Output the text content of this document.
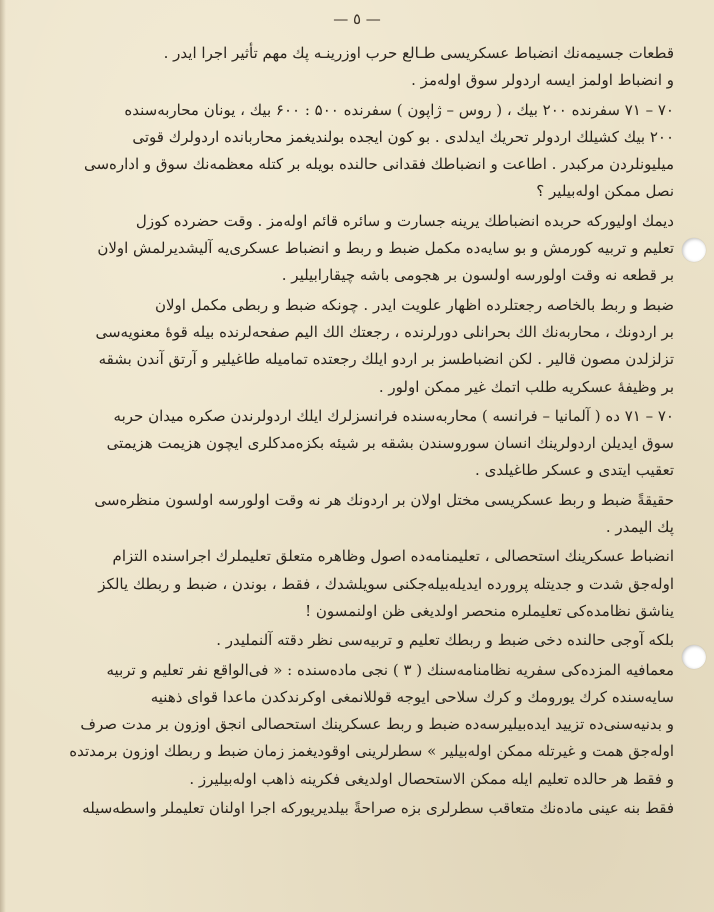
— ٥ —
قطعات جسیمه‌نك انضباط عسكریسی طـالع حرب اوزرینـه پك مهم تأثیر اجرا ایدر .
و انضباط اولمز ایسه اردولر سوق اوله‌مز .
۷۰ – ۷۱ سفرنده ۲۰۰ بیك ، ( روس – ژاپون ) سفرنده ۵۰۰ : ۶۰۰ بیك ، یونان محاربه‌سنده
۲۰۰ بیك كشیلك اردولر تحریك ایدلدی . بو كون ایجده بولندیغمز محاربانده اردولرك قوتی
میلیونلردن مركبدر . اطاعت و انضباطك فقدانی حالنده بویله بر كتله معظمه‌نك سوق و اداره‌سی
نصل ممكن اوله‌بیلیر ؟
دیمك اولیوركه حربده انضباطك یرینه جسارت و سائره قائم اوله‌مز . وقت حضرده كوزل
تعلیم و تربیه كورمش و بو سایه‌ده مكمل ضبط و ربط و انضباط عسكری‌یه آلیشدیرلمش اولان
بر قطعه نه وقت اولورسه اولسون بر هجومی باشه چیقارابیلیر .
ضبط و ربط بالخاصه رجعتلرده اظهار علویت ایدر . چونكه ضبط و ربطی مكمل اولان
بر اردونك ، محاربه‌نك الك بحرانلی دورلرنده ، رجعتك الك الیم صفحه‌لرنده بیله قوهٔ معنویه‌سی
تزلزلدن مصون قالیر . لكن انضباطسز بر اردو ایلك رجعتده تمامیله طاغیلیر و آرتق آندن بشقه
بر وظیفهٔ عسكریه طلب اتمك غیر ممكن اولور .
۷۰ – ۷۱ ده ( آلمانیا – فرانسه ) محاربه‌سنده فرانسزلرك ایلك اردولرندن صكره میدان حربه
سوق ایدیلن اردولرینك انسان سوروسندن بشقه بر شیئه بكزه‌مدكلری ایچون هزیمت هزیمتی
تعقیب ایتدی و عسكر طاغیلدی .
حقیقةً ضبط و ربط عسكریسی مختل اولان بر اردونك هر نه وقت اولورسه اولسون منظره‌سی
پك الیمدر .
انضباط عسكرینك استحصالی ، تعلیمنامه‌ده اصول وظاهره متعلق تعلیملرك اجراسنده التزام
اوله‌جق شدت و جدیتله پرورده ایدیله‌بیله‌جكنی سویلشدك ، فقط ، بوندن ، ضبط و ربطك یالكز
یناشق نظامده‌كی تعلیملره منحصر اولدیغی ظن اولنمسون !
بلكه آوجی حالنده دخی ضبط و ربطك تعلیم و تربیه‌سی نظر دقته آلنملیدر .
معمافیه المزده‌كی سفریه نظامنامه‌سنك ( ۳ ) نجی ماده‌سنده : « فی‌الواقع نفر تعلیم و تربیه
سایه‌سنده كرك یورومك و كرك سلاحی ایوجه قوللانمغی اوكرندكدن ماعدا قوای ذهنیه
و بدنیه‌سنی‌ده تزیید ایده‌بیلیرسه‌ده ضبط و ربط عسكرینك استحصالی انجق اوزون بر مدت صرف
اوله‌جق همت و غیرتله ممكن اوله‌بیلیر » سطرلرینی اوقودیغمز زمان ضبط و ربطك اوزون برمدتده
و فقط هر حالده تعلیم ایله ممكن الاستحصال اولدیغی فكرینه ذاهب اوله‌بیلیرز .
فقط بنه عینی ماده‌نك متعاقب سطرلری بزه صراحةً بیلدیریوركه اجرا اولنان تعلیملر واسطه‌سیله
